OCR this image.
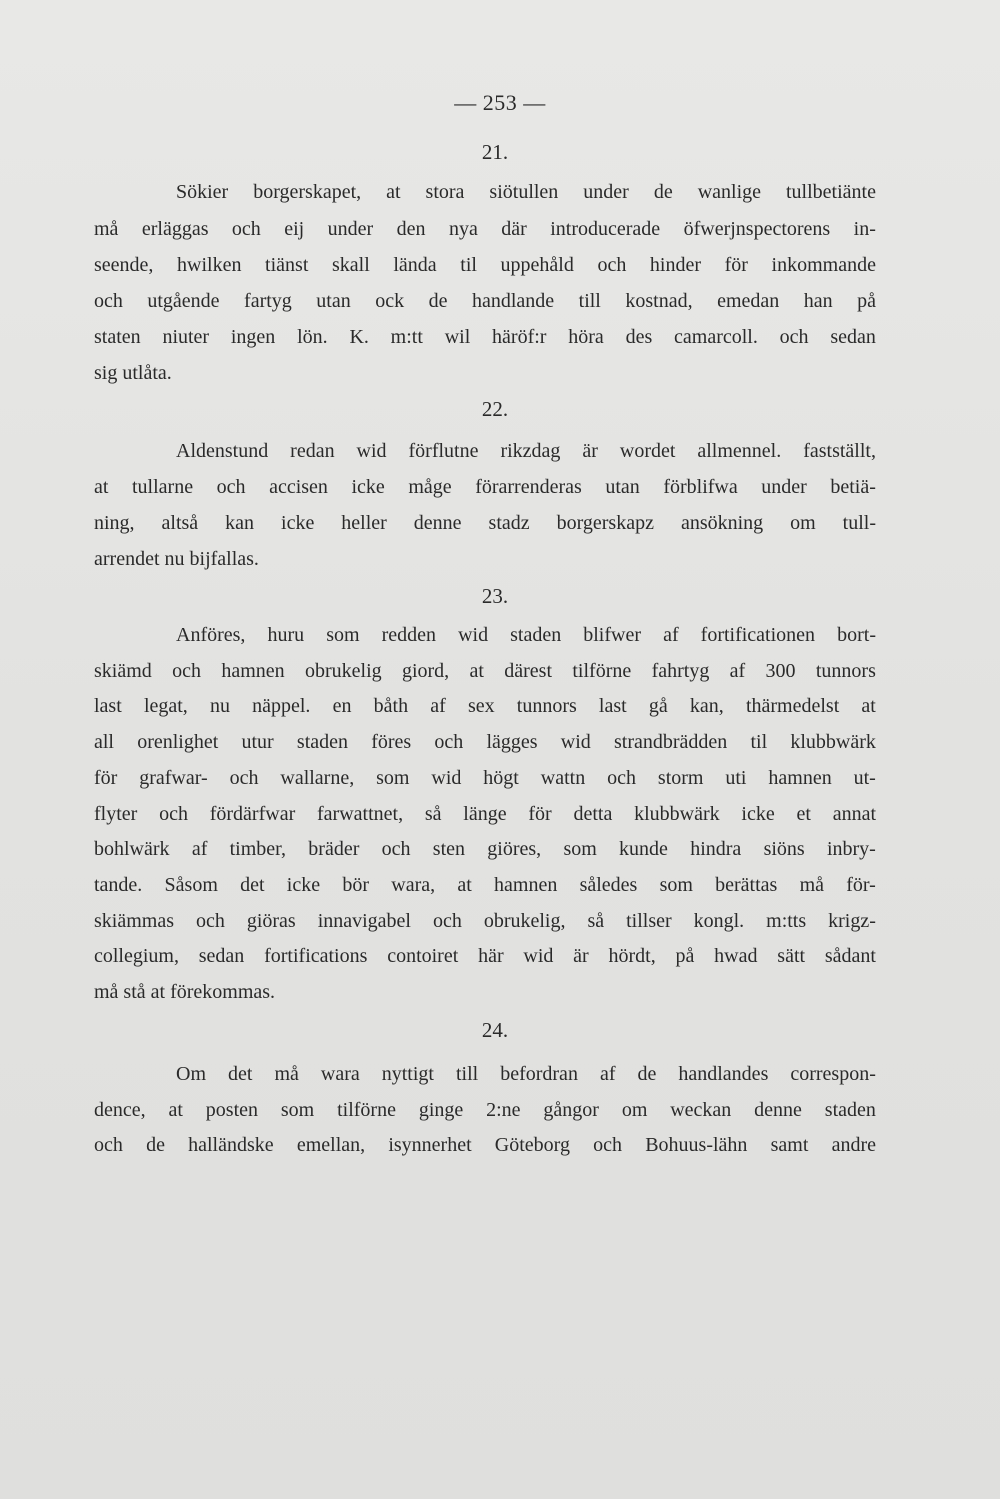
— 253 —
21.
Sökier borgerskapet, at stora siötullen under de wanlige tullbetiänte
må erläggas och eij under den nya där introducerade öfwerjnspectorens in-
seende, hwilken tiänst skall lända til uppehåld och hinder för inkommande
och utgående fartyg utan ock de handlande till kostnad, emedan han på
staten niuter ingen lön. K. m:tt wil häröf:r höra des camarcoll. och sedan
sig utlåta.
22.
Aldenstund redan wid förflutne rikzdag är wordet allmennel. fastställt,
at tullarne och accisen icke måge förarrenderas utan förblifwa under betiä-
ning, altså kan icke heller denne stadz borgerskapz ansökning om tull-
arrendet nu bijfallas.
23.
Anföres, huru som redden wid staden blifwer af fortificationen bort-
skiämd och hamnen obrukelig giord, at därest tilförne fahrtyg af 300 tunnors
last legat, nu näppel. en båth af sex tunnors last gå kan, thärmedelst at
all orenlighet utur staden föres och lägges wid strandbrädden til klubbwärk
för grafwar- och wallarne, som wid högt wattn och storm uti hamnen ut-
flyter och fördärfwar farwattnet, så länge för detta klubbwärk icke et annat
bohlwärk af timber, bräder och sten giöres, som kunde hindra siöns inbry-
tande. Såsom det icke bör wara, at hamnen således som berättas må för-
skiämmas och giöras innavigabel och obrukelig, så tillser kongl. m:tts krigz-
collegium, sedan fortifications contoiret här wid är hördt, på hwad sätt sådant
må stå at förekommas.
24.
Om det må wara nyttigt till befordran af de handlandes correspon-
dence, at posten som tilförne ginge 2:ne gångor om weckan denne staden
och de halländske emellan, isynnerhet Göteborg och Bohuus-lähn samt andre
